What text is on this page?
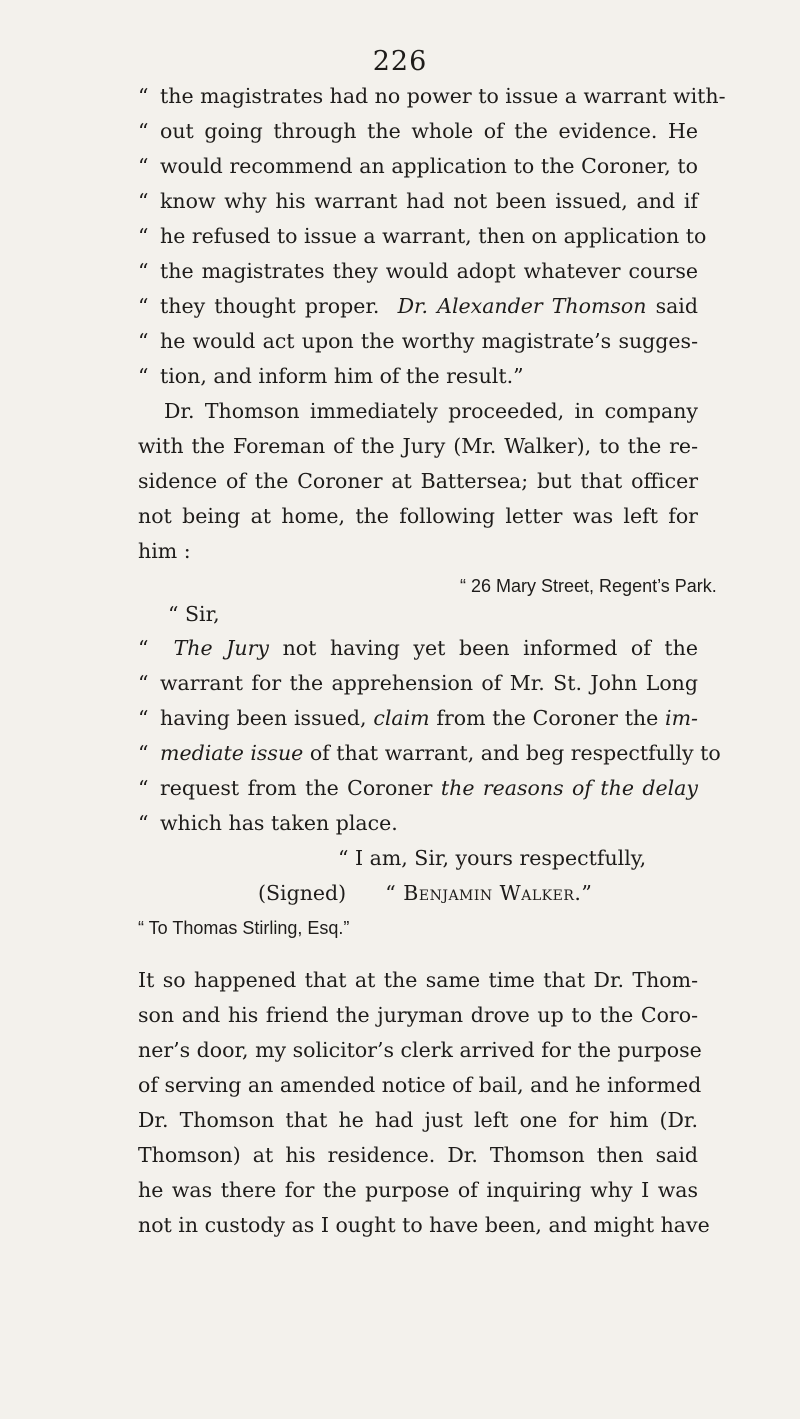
226
“ the magistrates had no power to issue a warrant with-
“ out going through the whole of the evidence. He
“ would recommend an application to the Coroner, to
“ know why his warrant had not been issued, and if
“ he refused to issue a warrant, then on application to
“ the magistrates they would adopt whatever course
“ they thought proper. Dr. Alexander Thomson said
“ he would act upon the worthy magistrate’s sugges-
“ tion, and inform him of the result.”
Dr. Thomson immediately proceeded, in company
with the Foreman of the Jury (Mr. Walker), to the re-
sidence of the Coroner at Battersea; but that officer
not being at home, the following letter was left for
him :
“ 26 Mary Street, Regent’s Park.
“ Sir,
“ The Jury not having yet been informed of the
“ warrant for the apprehension of Mr. St. John Long
“ having been issued, claim from the Coroner the im-
“ mediate issue of that warrant, and beg respectfully to
“ request from the Coroner the reasons of the delay
“ which has taken place.
“ I am, Sir, yours respectfully,
(Signed) “ Benjamin Walker.”
“ To Thomas Stirling, Esq.”
It so happened that at the same time that Dr. Thom-
son and his friend the juryman drove up to the Coro-
ner’s door, my solicitor’s clerk arrived for the purpose
of serving an amended notice of bail, and he informed
Dr. Thomson that he had just left one for him (Dr.
Thomson) at his residence. Dr. Thomson then said
he was there for the purpose of inquiring why I was
not in custody as I ought to have been, and might have
